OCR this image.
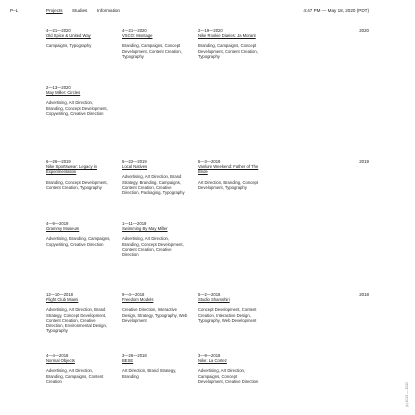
P–L	Projects Studies Information	4:47 PM — May 18, 2020 (PDT)
2020
2019
2018
4—21—2020
Old Spice & United Way
Campaigns, Typography
4—21—2020
VSCO: Montage
Branding, Campaigns, Concept Development, Content Creation, Typography
2—19—2020
Nike Rookie Diaries: Ja Morant
Branding, Campaigns, Concept Development, Content Creation, Typography
2—13—2020
May Miller: Circles
Advertising, Art Direction, Branding, Concept Development, Copywriting, Creative Direction
6—26—2019
Nike Sportswear: Legacy in Experimentation
Branding, Concept Development, Content Creation, Typography
5—22—2019
Local Natives
Advertising, Art Direction, Brand Strategy, Branding, Campaigns, Content Creation, Creative Direction, Packaging, Typography
5—3—2019
Vanlure Weekend: Father of The Bride
Art Direction, Branding, Concept Development, Typography
4—9—2019
Grammy Museum
Advertising, Branding, Campaigns, Copywriting, Creative Direction
1—11—2019
Swimming By May Miller
Advertising, Art Direction, Branding, Concept Development, Content Creation, Creative Direction
12—10—2018
Flight Club Miami
Advertising, Art Direction, Brand Strategy, Concept Development, Content Creation, Creative Direction, Environmental Design, Typography
9—4—2018
Freedom Models
Creative Direction, Interactive Design, Strategy, Typography, Web Development
5—2—2018
Studio Shamshiri
Concept Development, Content Creation, Interactive Design, Typography, Web Development
4—4—2018
Normal Objects
Advertising, Art Direction, Branding, Campaigns, Content Creation
3—26—2018
BESE
Art Direction, Brand Strategy, Branding
3—9—2018
Nike: La Cortez
Advertising, Art Direction, Campaigns, Concept Development, Creative Direction
(c) 2013 — 2020
